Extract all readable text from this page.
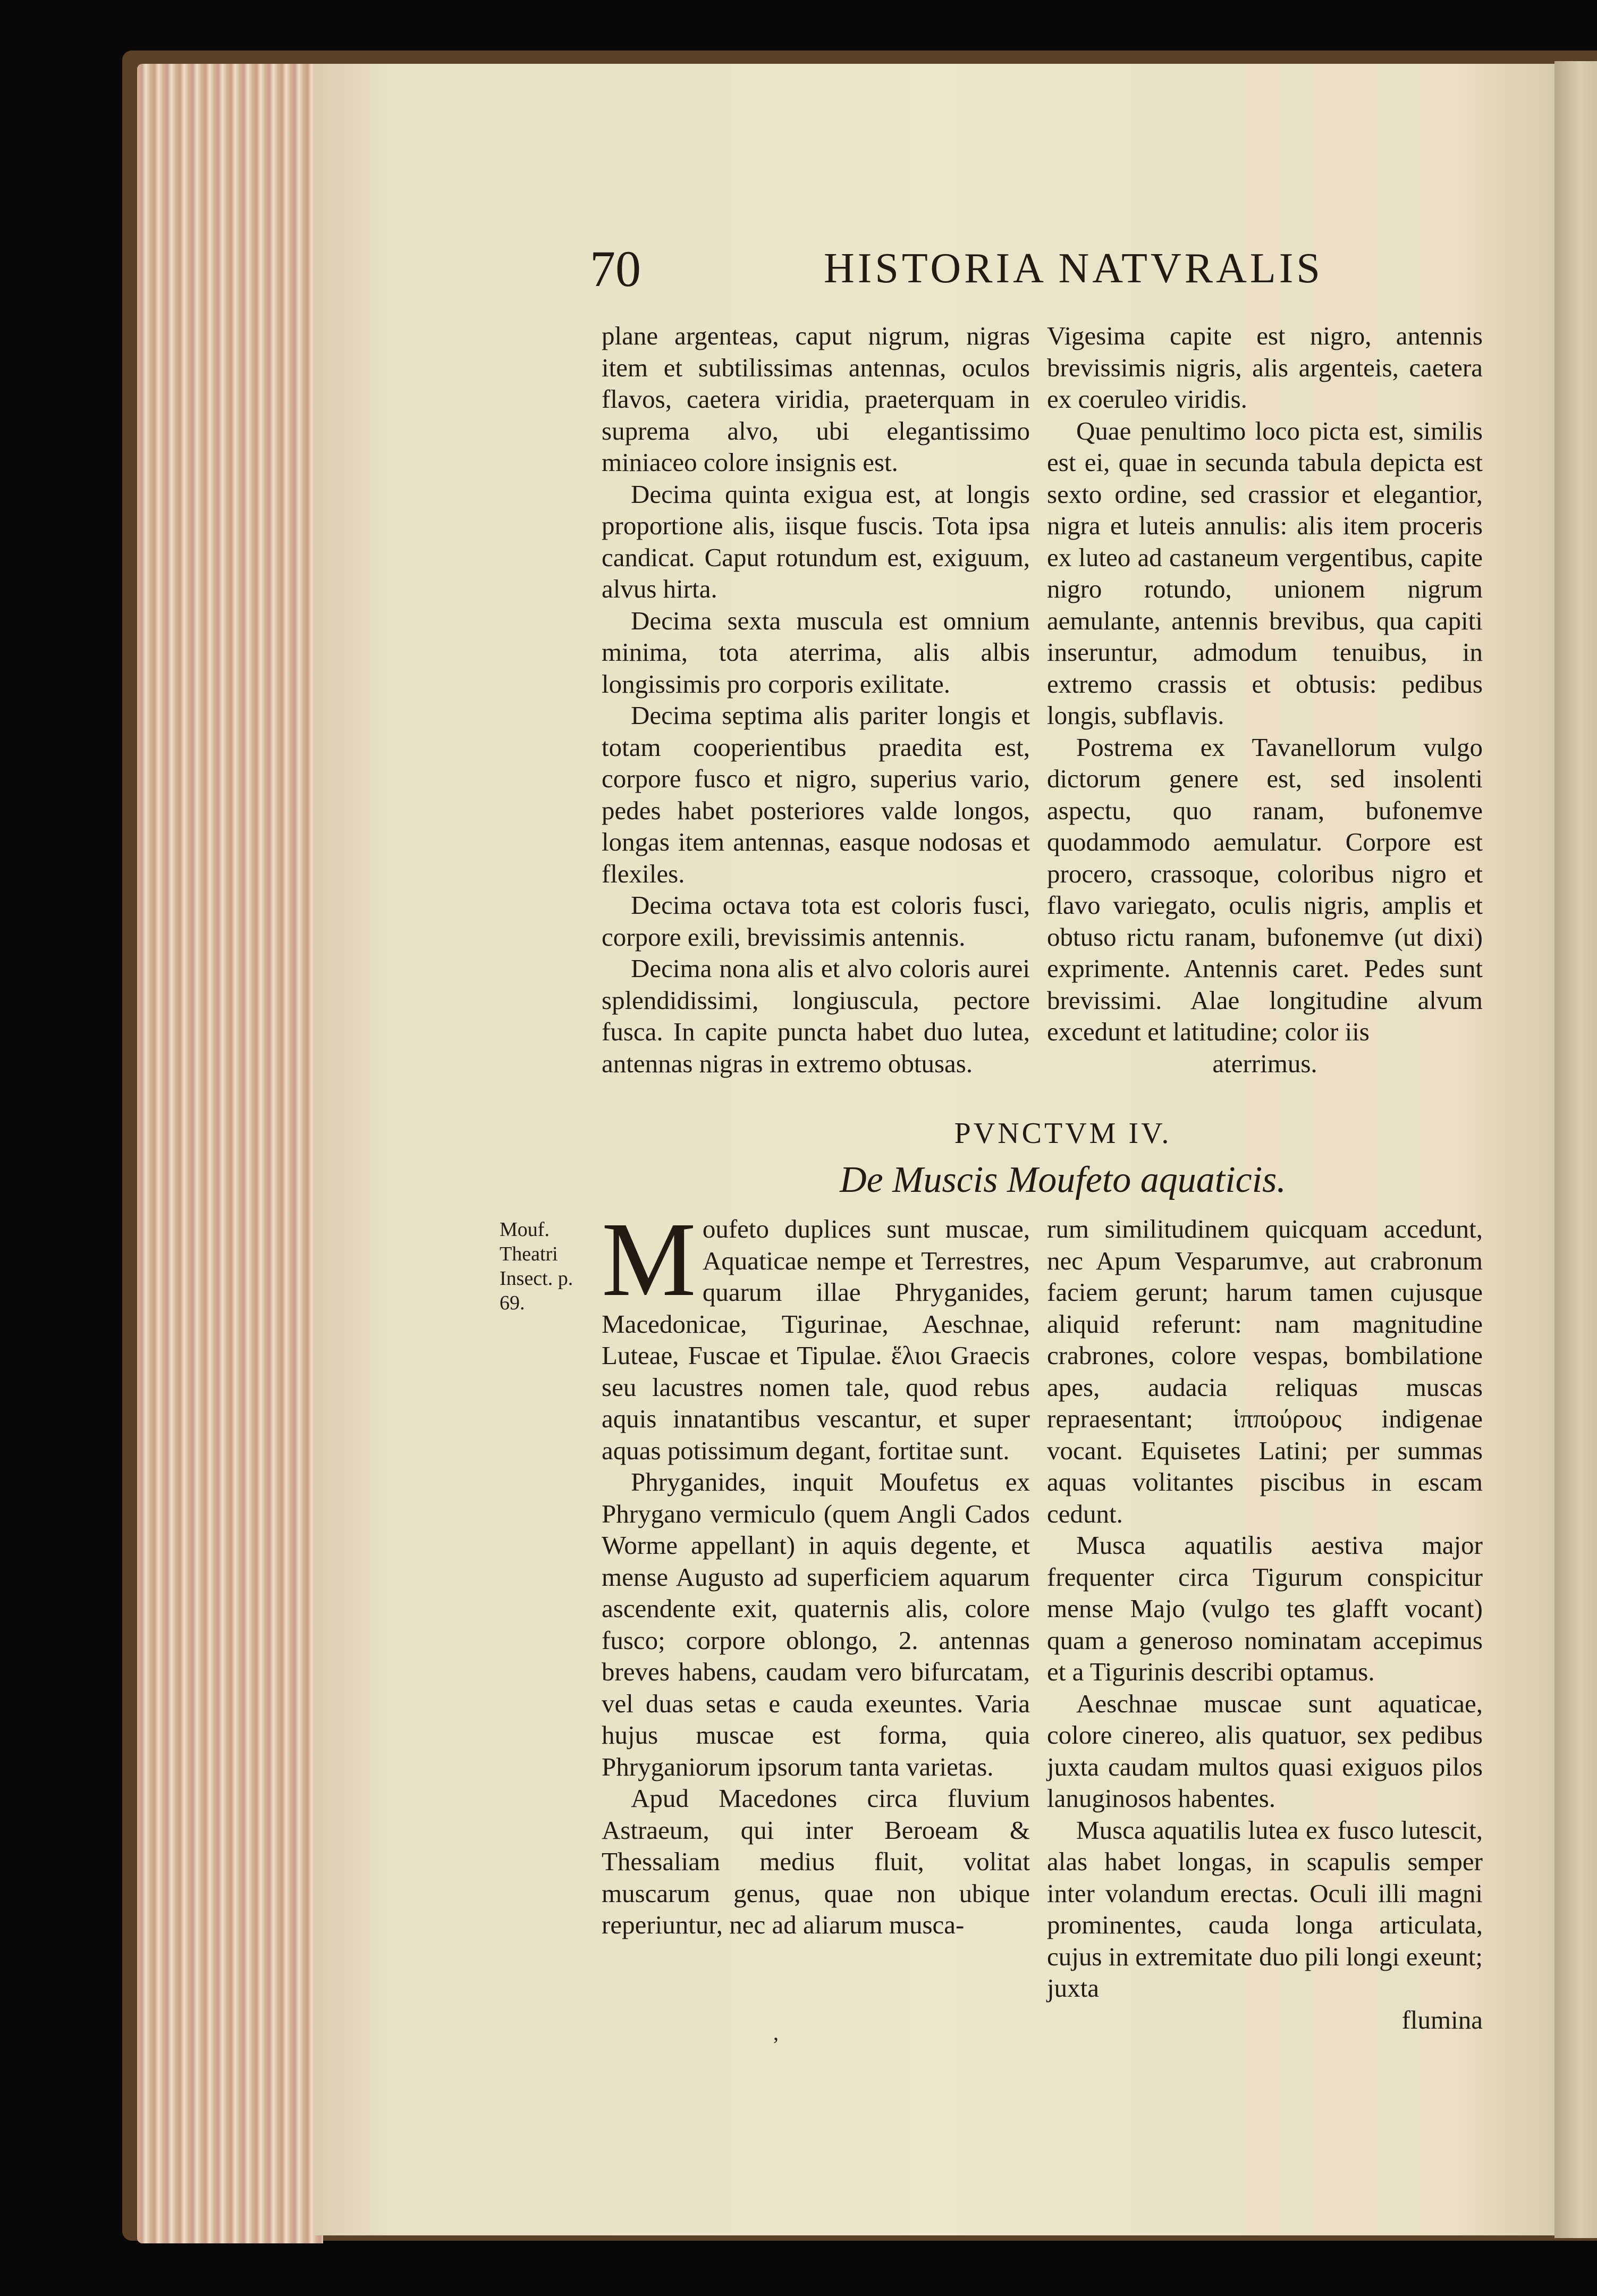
70	HISTORIA NATVRALIS

plane argenteas, caput nigrum, nigras item et subtilissimas antennas, oculos flavos, caetera viridia, praeterquam in suprema alvo, ubi elegantissimo miniaceo colore insignis est.

Decima quinta exigua est, at longis proportione alis, iisque fuscis. Tota ipsa candicat. Caput rotundum est, exiguum, alvus hirta.

Decima sexta muscula est omnium minima, tota aterrima, alis albis longissimis pro corporis exilitate.

Decima septima alis pariter longis et totam cooperientibus praedita est, corpore fusco et nigro, superius vario, pedes habet posteriores valde longos, longas item antennas, easque nodosas et flexiles.

Decima octava tota est coloris fusci, corpore exili, brevissimis antennis.

Decima nona alis et alvo coloris aurei splendidissimi, longiuscula, pectore fusca. In capite puncta habet duo lutea, antennas nigras in extremo obtusas.

Vigesima capite est nigro, antennis brevissimis nigris, alis argenteis, caetera ex coeruleo viridis.

Quae penultimo loco picta est, similis est ei, quae in secunda tabula depicta est sexto ordine, sed crassior et elegantior, nigra et luteis annulis: alis item proceris ex luteo ad castaneum vergentibus, capite nigro rotundo, unionem nigrum aemulante, antennis brevibus, qua capiti inseruntur, admodum tenuibus, in extremo crassis et obtusis: pedibus longis, subflavis.

Postrema ex Tavanellorum vulgo dictorum genere est, sed insolenti aspectu, quo ranam, bufonemve quodammodo aemulatur. Corpore est procero, crassoque, coloribus nigro et flavo variegato, oculis nigris, amplis et obtuso rictu ranam, bufonemve (ut dixi) exprimente. Antennis caret. Pedes sunt brevissimi. Alae longitudine alvum excedunt et latitudine; color iis

aterrimus.

PVNCTVM IV.
De Muscis Moufeto aquaticis.
Mouf. Theatri Insect. p. 69. Moufeto duplices sunt muscae, Aquaticae nempe et Terrestres, quarum illae Phryganides, Macedonicae, Tigurinae, Aeschnae, Luteae, Fuscae et Tipulae. ἕλιοι Graecis seu lacustres nomen tale, quod rebus aquis innatantibus vescantur, et super aquas potissimum degant, fortitae sunt.

Phryganides, inquit Moufetus ex Phrygano vermiculo (quem Angli Cados Worme appellant) in aquis degente, et mense Augusto ad superficiem aquarum ascendente exit, quaternis alis, colore fusco; corpore oblongo, 2. antennas breves habens, caudam vero bifurcatam, vel duas setas e cauda exeuntes. Varia hujus muscae est forma, quia Phryganiorum ipsorum tanta varietas.

Apud Macedones circa fluvium Astraeum, qui inter Beroeam & Thessaliam medius fluit, volitat muscarum genus, quae non ubique reperiuntur, nec ad aliarum musca-

rum similitudinem quicquam accedunt, nec Apum Vesparumve, aut crabronum faciem gerunt; harum tamen cujusque aliquid referunt: nam magnitudine crabrones, colore vespas, bombilatione apes, audacia reliquas muscas repraesentant; ἱππούρους indigenae vocant. Equisetes Latini; per summas aquas volitantes piscibus in escam cedunt.

Musca aquatilis aestiva major frequenter circa Tigurum conspicitur mense Majo (vulgo tes glafft vocant) quam a generoso nominatam accepimus et a Tigurinis describi optamus.

Aeschnae muscae sunt aquaticae, colore cinereo, alis quatuor, sex pedibus juxta caudam multos quasi exiguos pilos lanuginosos habentes.

Musca aquatilis lutea ex fusco lutescit, alas habet longas, in scapulis semper inter volandum erectas. Oculi illi magni prominentes, cauda longa articulata, cujus in extremitate duo pili longi exeunt; juxta

flumina

,
